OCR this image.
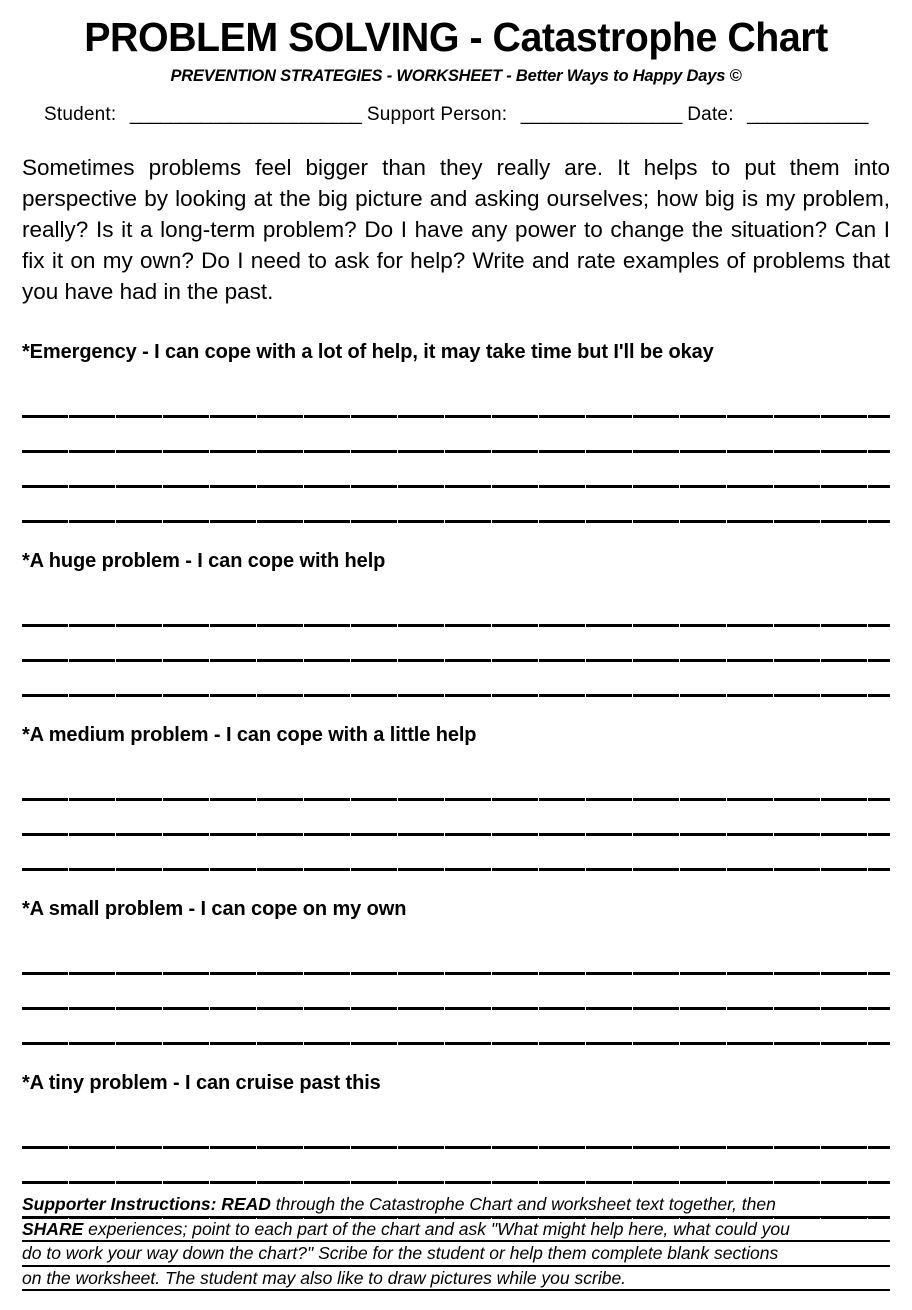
PROBLEM SOLVING - Catastrophe Chart
PREVENTION STRATEGIES - WORKSHEET - Better Ways to Happy Days ©
Student: _______________________ Support Person: ________________ Date: ____________

Sometimes problems feel bigger than they really are. It helps to put them into perspective by looking at the big picture and asking ourselves; how big is my problem, really? Is it a long-term problem? Do I have any power to change the situation? Can I fix it on my own? Do I need to ask for help? Write and rate examples of problems that you have had in the past.

*Emergency - I can cope with a lot of help, it may take time but I'll be okay
*A huge problem - I can cope with help
*A medium problem - I can cope with a little help
*A small problem - I can cope on my own
*A tiny problem - I can cruise past this
Supporter Instructions: READ through the Catastrophe Chart and worksheet text together, then
SHARE experiences; point to each part of the chart and ask "What might help here, what could you
do to work your way down the chart?" Scribe for the student or help them complete blank sections
on the worksheet. The student may also like to draw pictures while you scribe.
